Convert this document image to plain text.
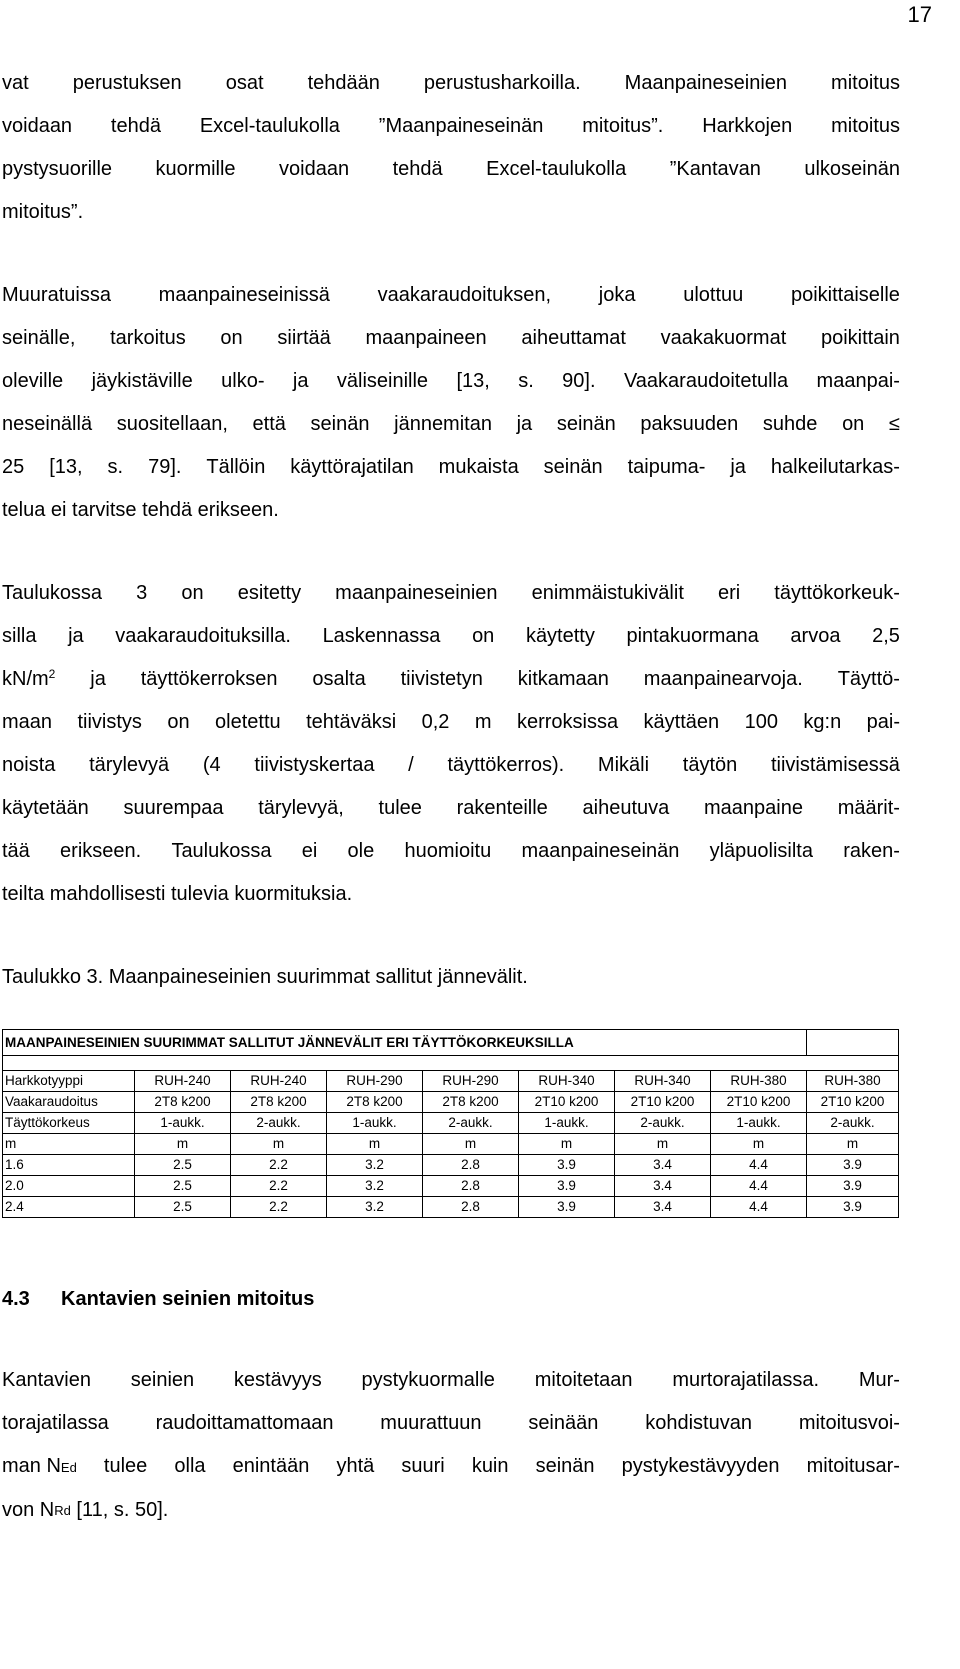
17
vat perustuksen osat tehdään perustusharkoilla. Maanpaineseinien mitoitus
voidaan tehdä Excel-taulukolla ”Maanpaineseinän mitoitus”. Harkkojen mitoitus
pystysuorille kuormille voidaan tehdä Excel-taulukolla ”Kantavan ulkoseinän
mitoitus”.
Muuratuissa maanpaineseinissä vaakaraudoituksen, joka ulottuu poikittaiselle
seinälle, tarkoitus on siirtää maanpaineen aiheuttamat vaakakuormat poikittain
oleville jäykistäville ulko- ja väliseinille [13, s. 90]. Vaakaraudoitetulla maanpai-
neseinällä suositellaan, että seinän jännemitan ja seinän paksuuden suhde on ≤
25 [13, s. 79]. Tällöin käyttörajatilan mukaista seinän taipuma- ja halkeilutarkas-
telua ei tarvitse tehdä erikseen.
Taulukossa 3 on esitetty maanpaineseinien enimmäistukivälit eri täyttökorkeuk-
silla ja vaakaraudoituksilla. Laskennassa on käytetty pintakuormana arvoa 2,5
$kN/m^2$ ja täyttökerroksen osalta tiivistetyn kitkamaan maanpainearvoja. Täyttö-
maan tiivistys on oletettu tehtäväksi 0,2 m kerroksissa käyttäen 100 kg:n pai-
noista tärylevyä (4 tiivistyskertaa / täyttökerros). Mikäli täytön tiivistämisessä
käytetään suurempaa tärylevyä, tulee rakenteille aiheutuva maanpaine määrit-
tää erikseen. Taulukossa ei ole huomioitu maanpaineseinän yläpuolisilta raken-
teilta mahdollisesti tulevia kuormituksia.
Taulukko 3. Maanpaineseinien suurimmat sallitut jännevälit.
MAANPAINESEINIEN SUURIMMAT SALLITUT JÄNNEVÄLIT ERI TÄYTTÖKORKEUKSILLA								

Harkkotyyppi	RUH-240	RUH-240	RUH-290	RUH-290	RUH-340	RUH-340	RUH-380	RUH-380
Vaakaraudoitus	2T8 k200	2T8 k200	2T8 k200	2T8 k200	2T10 k200	2T10 k200	2T10 k200	2T10 k200
Täyttökorkeus	1-aukk.	2-aukk.	1-aukk.	2-aukk.	1-aukk.	2-aukk.	1-aukk.	2-aukk.
m	m	m	m	m	m	m	m	m
1.6	2.5	2.2	3.2	2.8	3.9	3.4	4.4	3.9
2.0	2.5	2.2	3.2	2.8	3.9	3.4	4.4	3.9
2.4	2.5	2.2	3.2	2.8	3.9	3.4	4.4	3.9
4.3 Kantavien seinien mitoitus
Kantavien seinien kestävyys pystykuormalle mitoitetaan murtorajatilassa. Mur-
torajatilassa raudoittamattomaan muurattuun seinään kohdistuvan mitoitusvoi-
man NEd tulee olla enintään yhtä suuri kuin seinän pystykestävyyden mitoitusar-
von N Rd [11, s. 50].
